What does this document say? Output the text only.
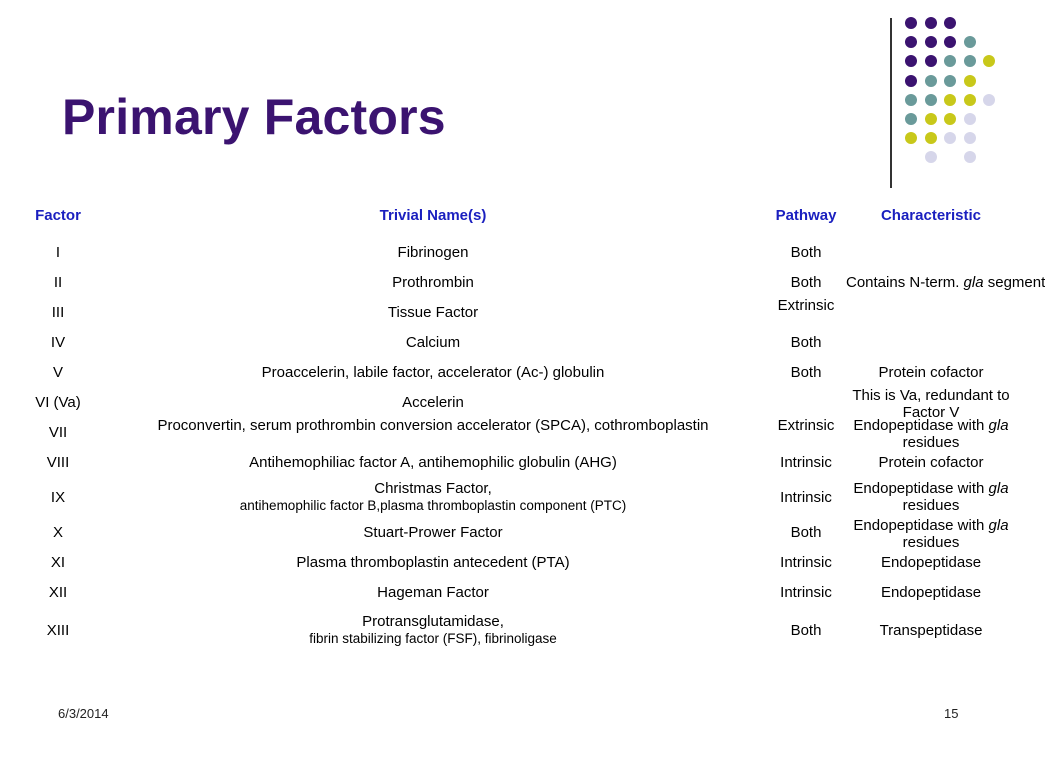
Primary Factors
Factor	Trivial Name(s)	Pathway	Characteristic
I	Fibrinogen	Both	
II	Prothrombin	Both	Contains N-term. gla segment
III	Tissue Factor	Extrinsic	

IV	Calcium	Both	
V	Proaccelerin, labile factor, accelerator (Ac-) globulin	Both	Protein cofactor
VI (Va)	Accelerin		This is Va, redundant to Factor V

VII	Proconvertin, serum prothrombin conversion accelerator (SPCA), cothromboplastin	Extrinsic	Endopeptidase with gla residues

VIII	Antihemophiliac factor A, antihemophilic globulin (AHG)	Intrinsic	Protein cofactor
IX	Christmas Factor,
antihemophilic factor B,plasma thromboplastin component (PTC)	Intrinsic	Endopeptidase with gla residues
X	Stuart-Prower Factor	Both	Endopeptidase with gla residues

XI	Plasma thromboplastin antecedent (PTA)	Intrinsic	Endopeptidase
XII	Hageman Factor	Intrinsic	Endopeptidase
XIII	Protransglutamidase,
fibrin stabilizing factor (FSF), fibrinoligase	Both	Transpeptidase
6/3/2014	15
